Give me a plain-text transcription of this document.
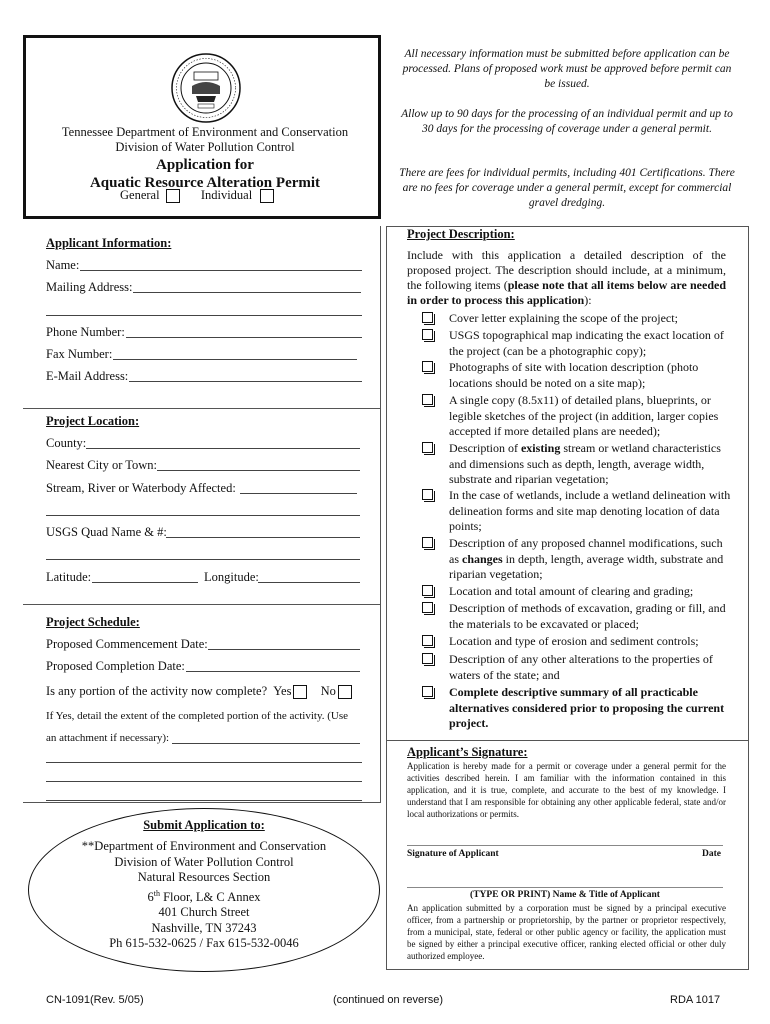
Tennessee Department of Environment and Conservation
Division of Water Pollution Control
Application for
Aquatic Resource Alteration Permit
General	Individual
All necessary information must be submitted before application can be processed. Plans of proposed work must be approved before permit can be issued.
Allow up to 90 days for the processing of an individual permit and up to 30 days for the processing of coverage under a general permit.
There are fees for individual permits, including 401 Certifications. There are no fees for coverage under a general permit, except for commercial gravel dredging.
Applicant Information:
Name:
Mailing Address:
Phone Number:
Fax Number:
E-Mail Address:
Project Location:
County:
Nearest City or Town:
Stream, River or Waterbody Affected:
USGS Quad Name & #:
Latitude:	Longitude:
Project Schedule:
Proposed Commencement Date:
Proposed Completion Date:
Is any portion of the activity now complete? Yes No
If Yes, detail the extent of the completed portion of the activity. (Use
an attachment if necessary):
Submit Application to:
**Department of Environment and Conservation
Division of Water Pollution Control
Natural Resources Section
6th Floor, L& C Annex
401 Church Street
Nashville, TN 37243
Ph 615-532-0625 / Fax 615-532-0046
Project Description:
Include with this application a detailed description of the proposed project. The description should include, at a minimum, the following items (please note that all items below are needed in order to process this application):
Cover letter explaining the scope of the project;
USGS topographical map indicating the exact location of the project (can be a photographic copy);
Photographs of site with location description (photo locations should be noted on a site map);
A single copy (8.5x11) of detailed plans, blueprints, or legible sketches of the project (in addition, larger copies accepted if more detailed plans are needed);
Description of existing stream or wetland characteristics and dimensions such as depth, length, average width, substrate and riparian vegetation;
In the case of wetlands, include a wetland delineation with delineation forms and site map denoting location of data points;
Description of any proposed channel modifications, such as changes in depth, length, average width, substrate and riparian vegetation;
Location and total amount of clearing and grading;
Description of methods of excavation, grading or fill, and the materials to be excavated or placed;
Location and type of erosion and sediment controls;
Description of any other alterations to the properties of waters of the state; and
Complete descriptive summary of all practicable alternatives considered prior to proposing the current project.
Applicant’s Signature:
Application is hereby made for a permit or coverage under a general permit for the activities described herein. I am familiar with the information contained in this application, and it is true, complete, and accurate to the best of my knowledge. I understand that I am responsible for obtaining any other applicable federal, state and/or local authorizations or permits.
Signature of Applicant	Date
(TYPE OR PRINT) Name & Title of Applicant
An application submitted by a corporation must be signed by a principal executive officer, from a partnership or proprietorship, by the partner or proprietor respectively, from a municipal, state, federal or other public agency or facility, the application must be signed by either a principal executive officer, ranking elected official or other duly authorized employee.
CN-1091(Rev. 5/05)	(continued on reverse)	RDA 1017
